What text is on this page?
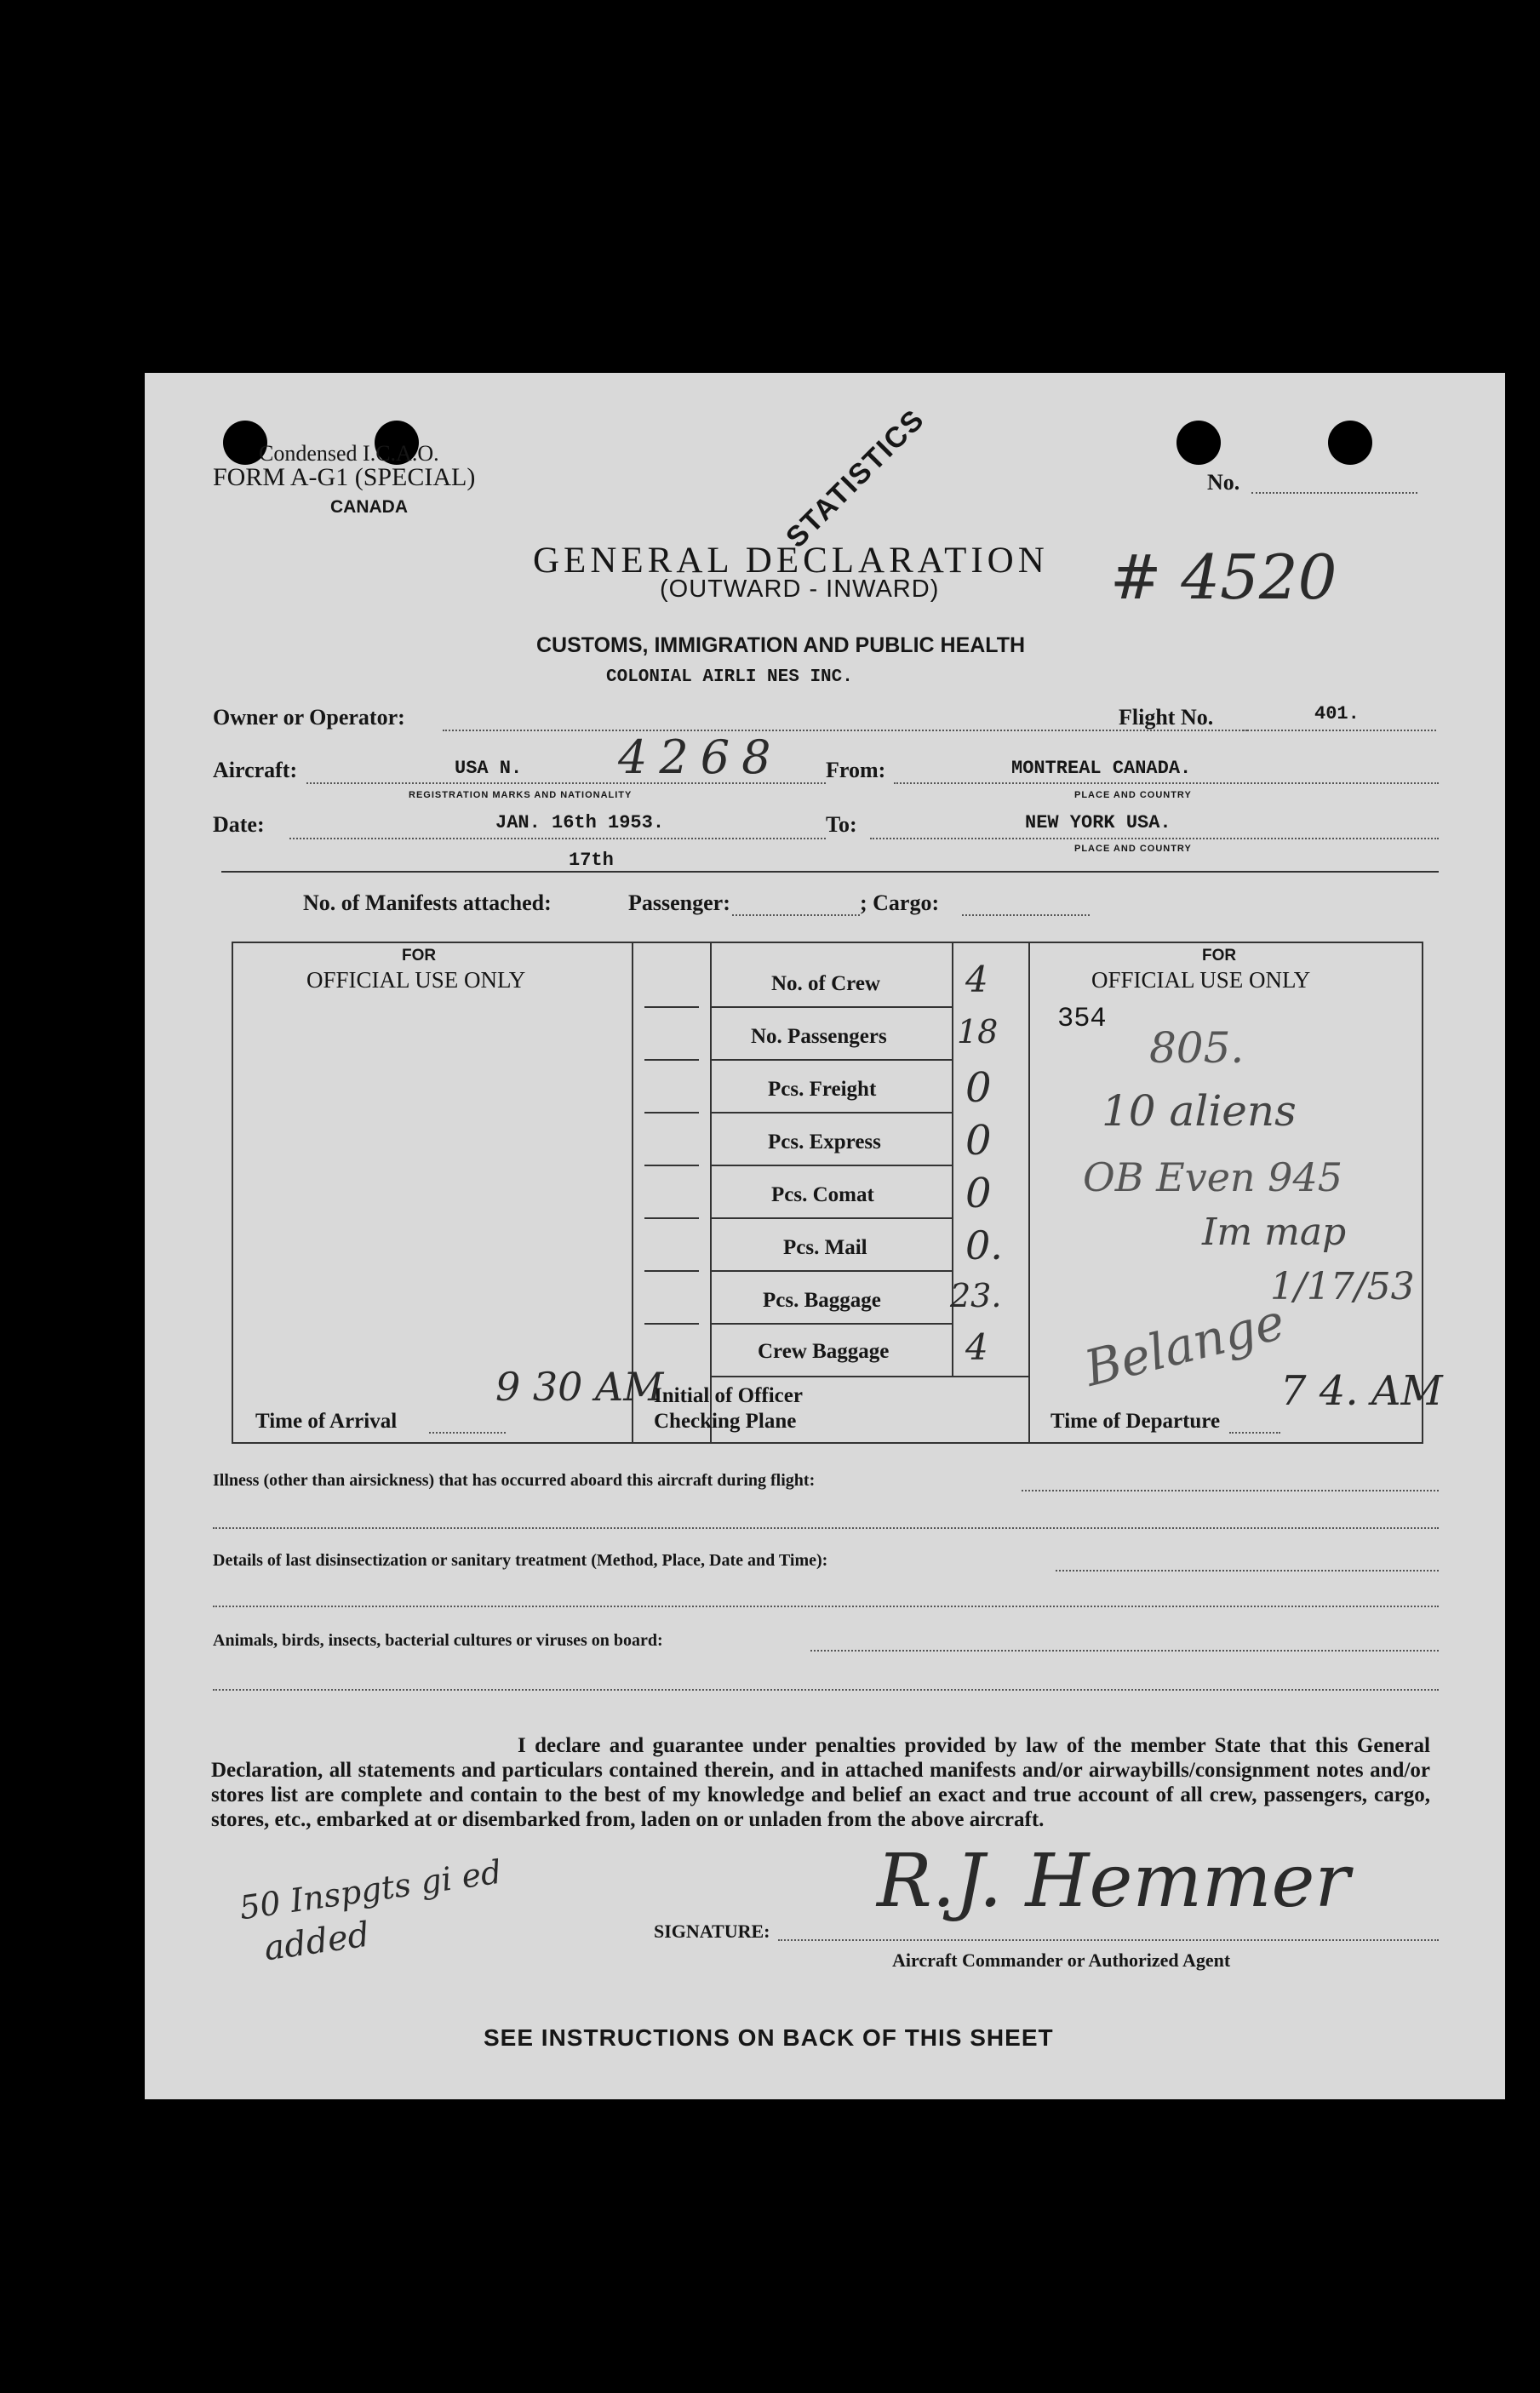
Condensed I.C.A.O.
FORM A-G1 (SPECIAL)
CANADA
No.
STATISTICS
GENERAL DECLARATION
(OUTWARD - INWARD)	# 4520
CUSTOMS, IMMIGRATION AND PUBLIC HEALTH
COLONIAL AIRLI NES INC.
Owner or Operator:	Flight No.	401.
Aircraft:	USA N. 4268
REGISTRATION MARKS AND NATIONALITY
From:	MONTREAL CANADA.
PLACE AND COUNTRY
Date:	JAN. 16th 1953.
17th
To:	NEW YORK USA.
PLACE AND COUNTRY
No. of Manifests attached:	Passenger:	; Cargo:
FOR
OFFICIAL USE ONLY
FOR
OFFICIAL USE ONLY
No. of Crew 4
No. Passengers 18
Pcs. Freight 0
Pcs. Express 0
Pcs. Comat 0
Pcs. Mail	0.
Pcs. Baggage 23.
Crew Baggage 4
354
805.
10 aliens
OB Even 945
Im map
1/17/53
Belange
Time of Arrival
9 30 AM
Initial of Officer
Checking Plane	Time of Departure
7 4. AM
Illness (other than airsickness) that has occurred aboard this aircraft during flight:
Details of last disinsectization or sanitary treatment (Method, Place, Date and Time):
Animals, birds, insects, bacterial cultures or viruses on board:
I declare and guarantee under penalties provided by law of the member State that this General Declaration, all statements and particulars contained therein, and in attached manifests and/or airwaybills/consignment notes and/or stores list are complete and contain to the best of my knowledge and belief an exact and true account of all crew, passengers, cargo, stores, etc., embarked at or disembarked from, laden on or unladen from the above aircraft.
50 Inspgts gi ed
added	SIGNATURE:
R.J. Hemmer
Aircraft Commander or Authorized Agent
SEE INSTRUCTIONS ON BACK OF THIS SHEET
